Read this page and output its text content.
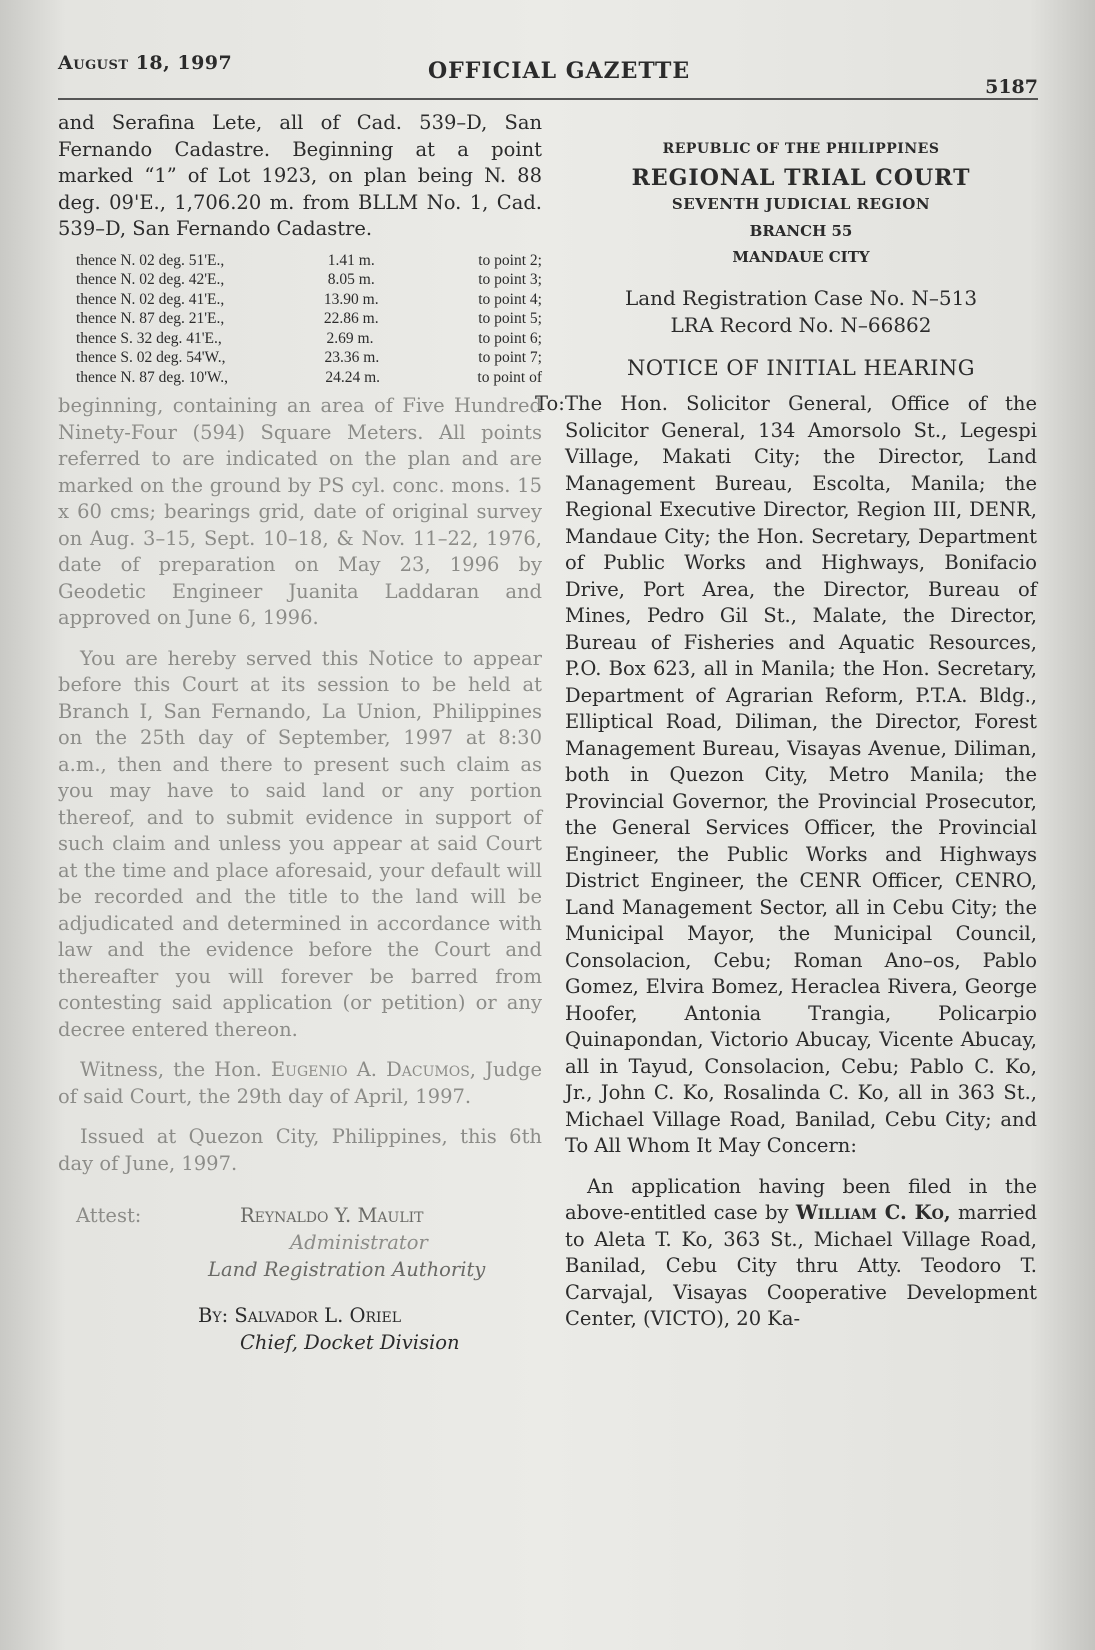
August 18, 1997	OFFICIAL GAZETTE
5187

and Serafina Lete, all of Cad. 539–D, San Fernando Cadastre. Beginning at a point marked “1” of Lot 1923, on plan being N. 88 deg. 09'E., 1,706.20 m. from BLLM No. 1, Cad. 539–D, San Fernando Cadastre.

thence N. 02 deg. 51'E.,	1.41 m.	to point 2;
thence N. 02 deg. 42'E.,	8.05 m.	to point 3;
thence N. 02 deg. 41'E.,	13.90 m.	to point 4;
thence N. 87 deg. 21'E.,	22.86 m.	to point 5;
thence S. 32 deg. 41'E.,	2.69 m.	to point 6;
thence S. 02 deg. 54'W.,	23.36 m.	to point 7;
thence N. 87 deg. 10'W.,	24.24 m.	to point of

beginning, containing an area of Five Hundred Ninety-Four (594) Square Meters. All points referred to are indicated on the plan and are marked on the ground by PS cyl. conc. mons. 15 x 60 cms; bearings grid, date of original survey on Aug. 3–15, Sept. 10–18, & Nov. 11–22, 1976, date of preparation on May 23, 1996 by Geodetic Engineer Juanita Laddaran and approved on June 6, 1996.

You are hereby served this Notice to appear before this Court at its session to be held at Branch I, San Fernando, La Union, Philippines on the 25th day of September, 1997 at 8:30 a.m., then and there to present such claim as you may have to said land or any portion thereof, and to submit evidence in support of such claim and unless you appear at said Court at the time and place aforesaid, your default will be recorded and the title to the land will be adjudicated and determined in accordance with law and the evidence before the Court and thereafter you will forever be barred from contesting said application (or petition) or any decree entered thereon.

Witness, the Hon. Eugenio A. Dacumos, Judge of said Court, the 29th day of April, 1997.

Issued at Quezon City, Philippines, this 6th day of June, 1997.

Attest:	Reynaldo Y. Maulit
Administrator
Land Registration Authority
By: Salvador L. Oriel
Chief, Docket Division
REPUBLIC OF THE PHILIPPINES
REGIONAL TRIAL COURT
SEVENTH JUDICIAL REGION
BRANCH 55
MANDAUE CITY
Land Registration Case No. N–513
LRA Record No. N–66862
NOTICE OF INITIAL HEARING
To: The Hon. Solicitor General, Office of the Solicitor General, 134 Amorsolo St., Legespi Village, Makati City; the Director, Land Management Bureau, Escolta, Manila; the Regional Executive Director, Region III, DENR, Mandaue City; the Hon. Secretary, Department of Public Works and Highways, Bonifacio Drive, Port Area, the Director, Bureau of Mines, Pedro Gil St., Malate, the Director, Bureau of Fisheries and Aquatic Resources, P.O. Box 623, all in Manila; the Hon. Secretary, Department of Agrarian Reform, P.T.A. Bldg., Elliptical Road, Diliman, the Director, Forest Management Bureau, Visayas Avenue, Diliman, both in Quezon City, Metro Manila; the Provincial Governor, the Provincial Prosecutor, the General Services Officer, the Provincial Engineer, the Public Works and Highways District Engineer, the CENR Officer, CENRO, Land Management Sector, all in Cebu City; the Municipal Mayor, the Municipal Council, Consolacion, Cebu; Roman Ano–os, Pablo Gomez, Elvira Bomez, Heraclea Rivera, George Hoofer, Antonia Trangia, Policarpio Quinapondan, Victorio Abucay, Vicente Abucay, all in Tayud, Consolacion, Cebu; Pablo C. Ko, Jr., John C. Ko, Rosalinda C. Ko, all in 363 St., Michael Village Road, Banilad, Cebu City; and To All Whom It May Concern:

An application having been filed in the above-entitled case by William C. Ko, married to Aleta T. Ko, 363 St., Michael Village Road, Banilad, Cebu City thru Atty. Teodoro T. Carvajal, Visayas Cooperative Development Center, (VICTO), 20 Ka-
